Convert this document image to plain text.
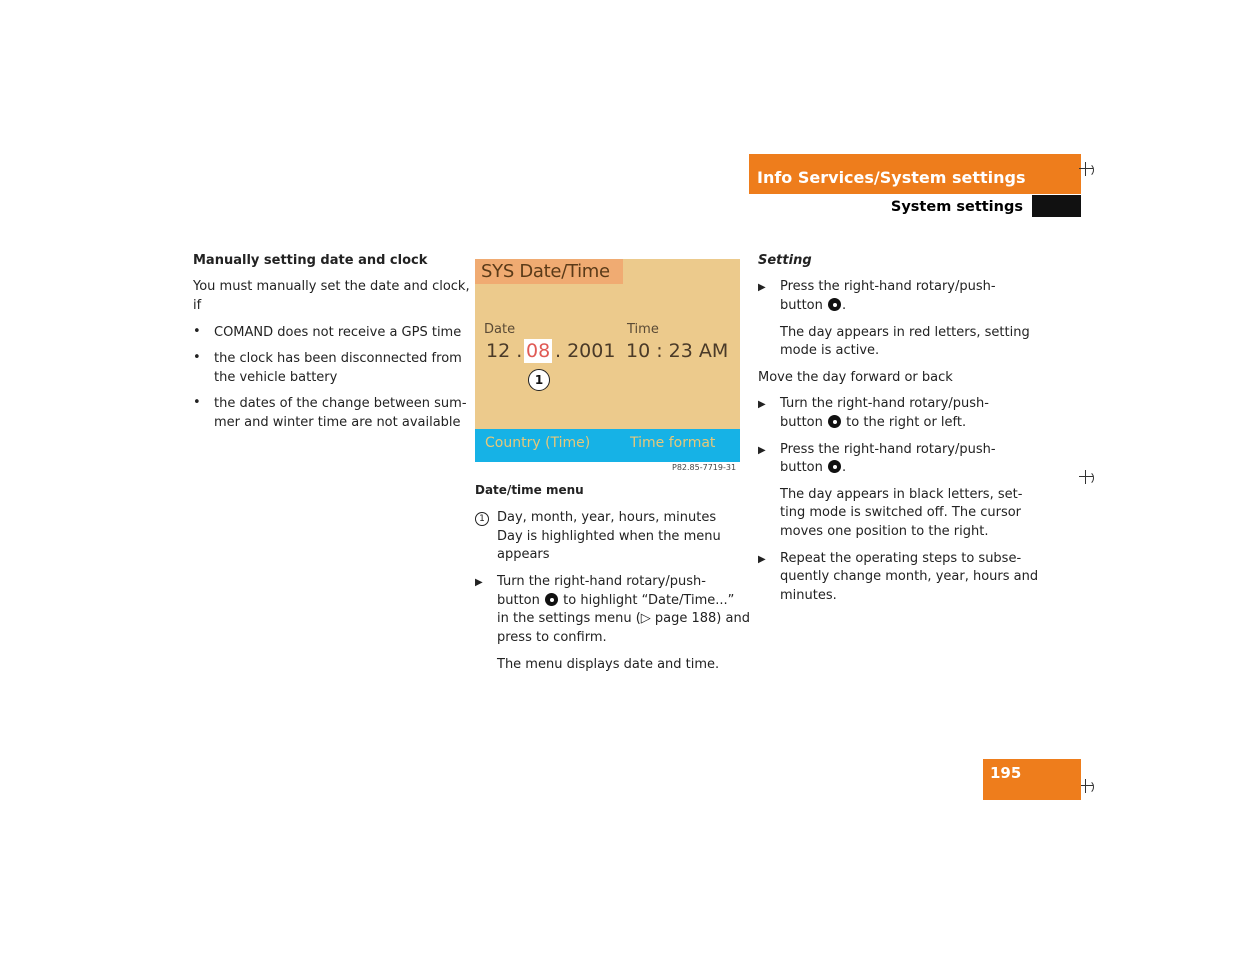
Info Services/System settings
System settings
195
Manually setting date and clock
You must manually set the date and clock,
if
• COMAND does not receive a GPS time
• the clock has been disconnected from
the vehicle battery
• the dates of the change between sum-
mer and winter time are not available
SYS Date/Time
Date	Time
12 . 08 . 2001 10 : 23 AM
1
Country (Time)	Time format
P82.85-7719-31
Date/time menu
1 Day, month, year, hours, minutes
Day is highlighted when the menu
appears
▶ Turn the right-hand rotary/push-
button to highlight “Date/Time...”
in the settings menu (▷ page 188) and
press to confirm.
The menu displays date and time.
Setting
▶ Press the right-hand rotary/push-
button .
The day appears in red letters, setting
mode is active.
Move the day forward or back
▶ Turn the right-hand rotary/push-
button to the right or left.
▶ Press the right-hand rotary/push-
button .
The day appears in black letters, set-
ting mode is switched off. The cursor
moves one position to the right.
▶ Repeat the operating steps to subse-
quently change month, year, hours and
minutes.
